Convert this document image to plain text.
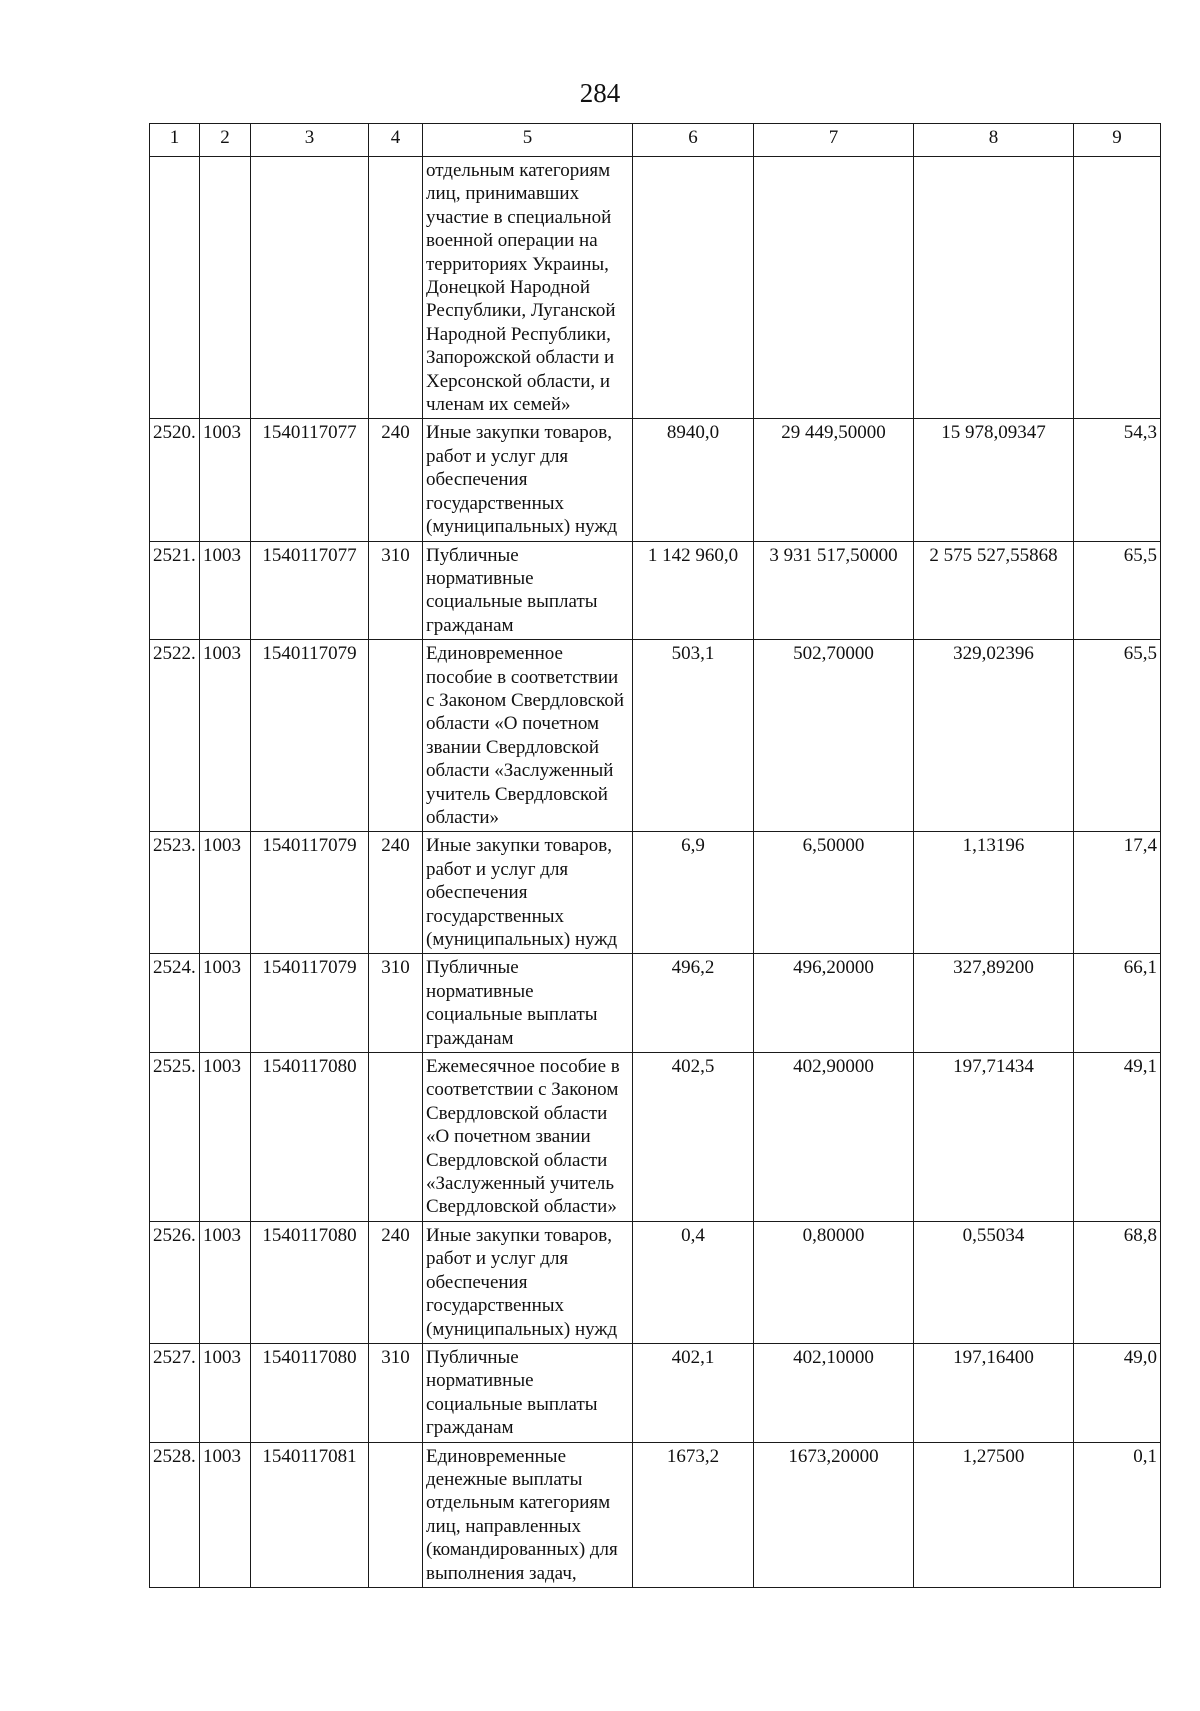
284
1	2	3	4	5	6	7	8	9
				отдельным категориям лиц, принимавших участие в специальной военной операции на территориях Украины, Донецкой Народной Республики, Луганской Народной Республики, Запорожской области и Херсонской области, и членам их семей»				
2520.	1003	1540117077	240	Иные закупки товаров, работ и услуг для обеспечения государственных (муниципальных) нужд	8940,0	29 449,50000	15 978,09347	54,3
2521.	1003	1540117077	310	Публичные нормативные социальные выплаты гражданам	1 142 960,0	3 931 517,50000	2 575 527,55868	65,5
2522.	1003	1540117079		Единовременное пособие в соответствии с Законом Свердловской области «О почетном звании Свердловской области «Заслуженный учитель Свердловской области»	503,1	502,70000	329,02396	65,5
2523.	1003	1540117079	240	Иные закупки товаров, работ и услуг для обеспечения государственных (муниципальных) нужд	6,9	6,50000	1,13196	17,4
2524.	1003	1540117079	310	Публичные нормативные социальные выплаты гражданам	496,2	496,20000	327,89200	66,1
2525.	1003	1540117080		Ежемесячное пособие в соответствии с Законом Свердловской области «О почетном звании Свердловской области «Заслуженный учитель Свердловской области»	402,5	402,90000	197,71434	49,1
2526.	1003	1540117080	240	Иные закупки товаров, работ и услуг для обеспечения государственных (муниципальных) нужд	0,4	0,80000	0,55034	68,8
2527.	1003	1540117080	310	Публичные нормативные социальные выплаты гражданам	402,1	402,10000	197,16400	49,0
2528.	1003	1540117081		Единовременные денежные выплаты отдельным категориям лиц, направленных (командированных) для выполнения задач,	1673,2	1673,20000	1,27500	0,1
